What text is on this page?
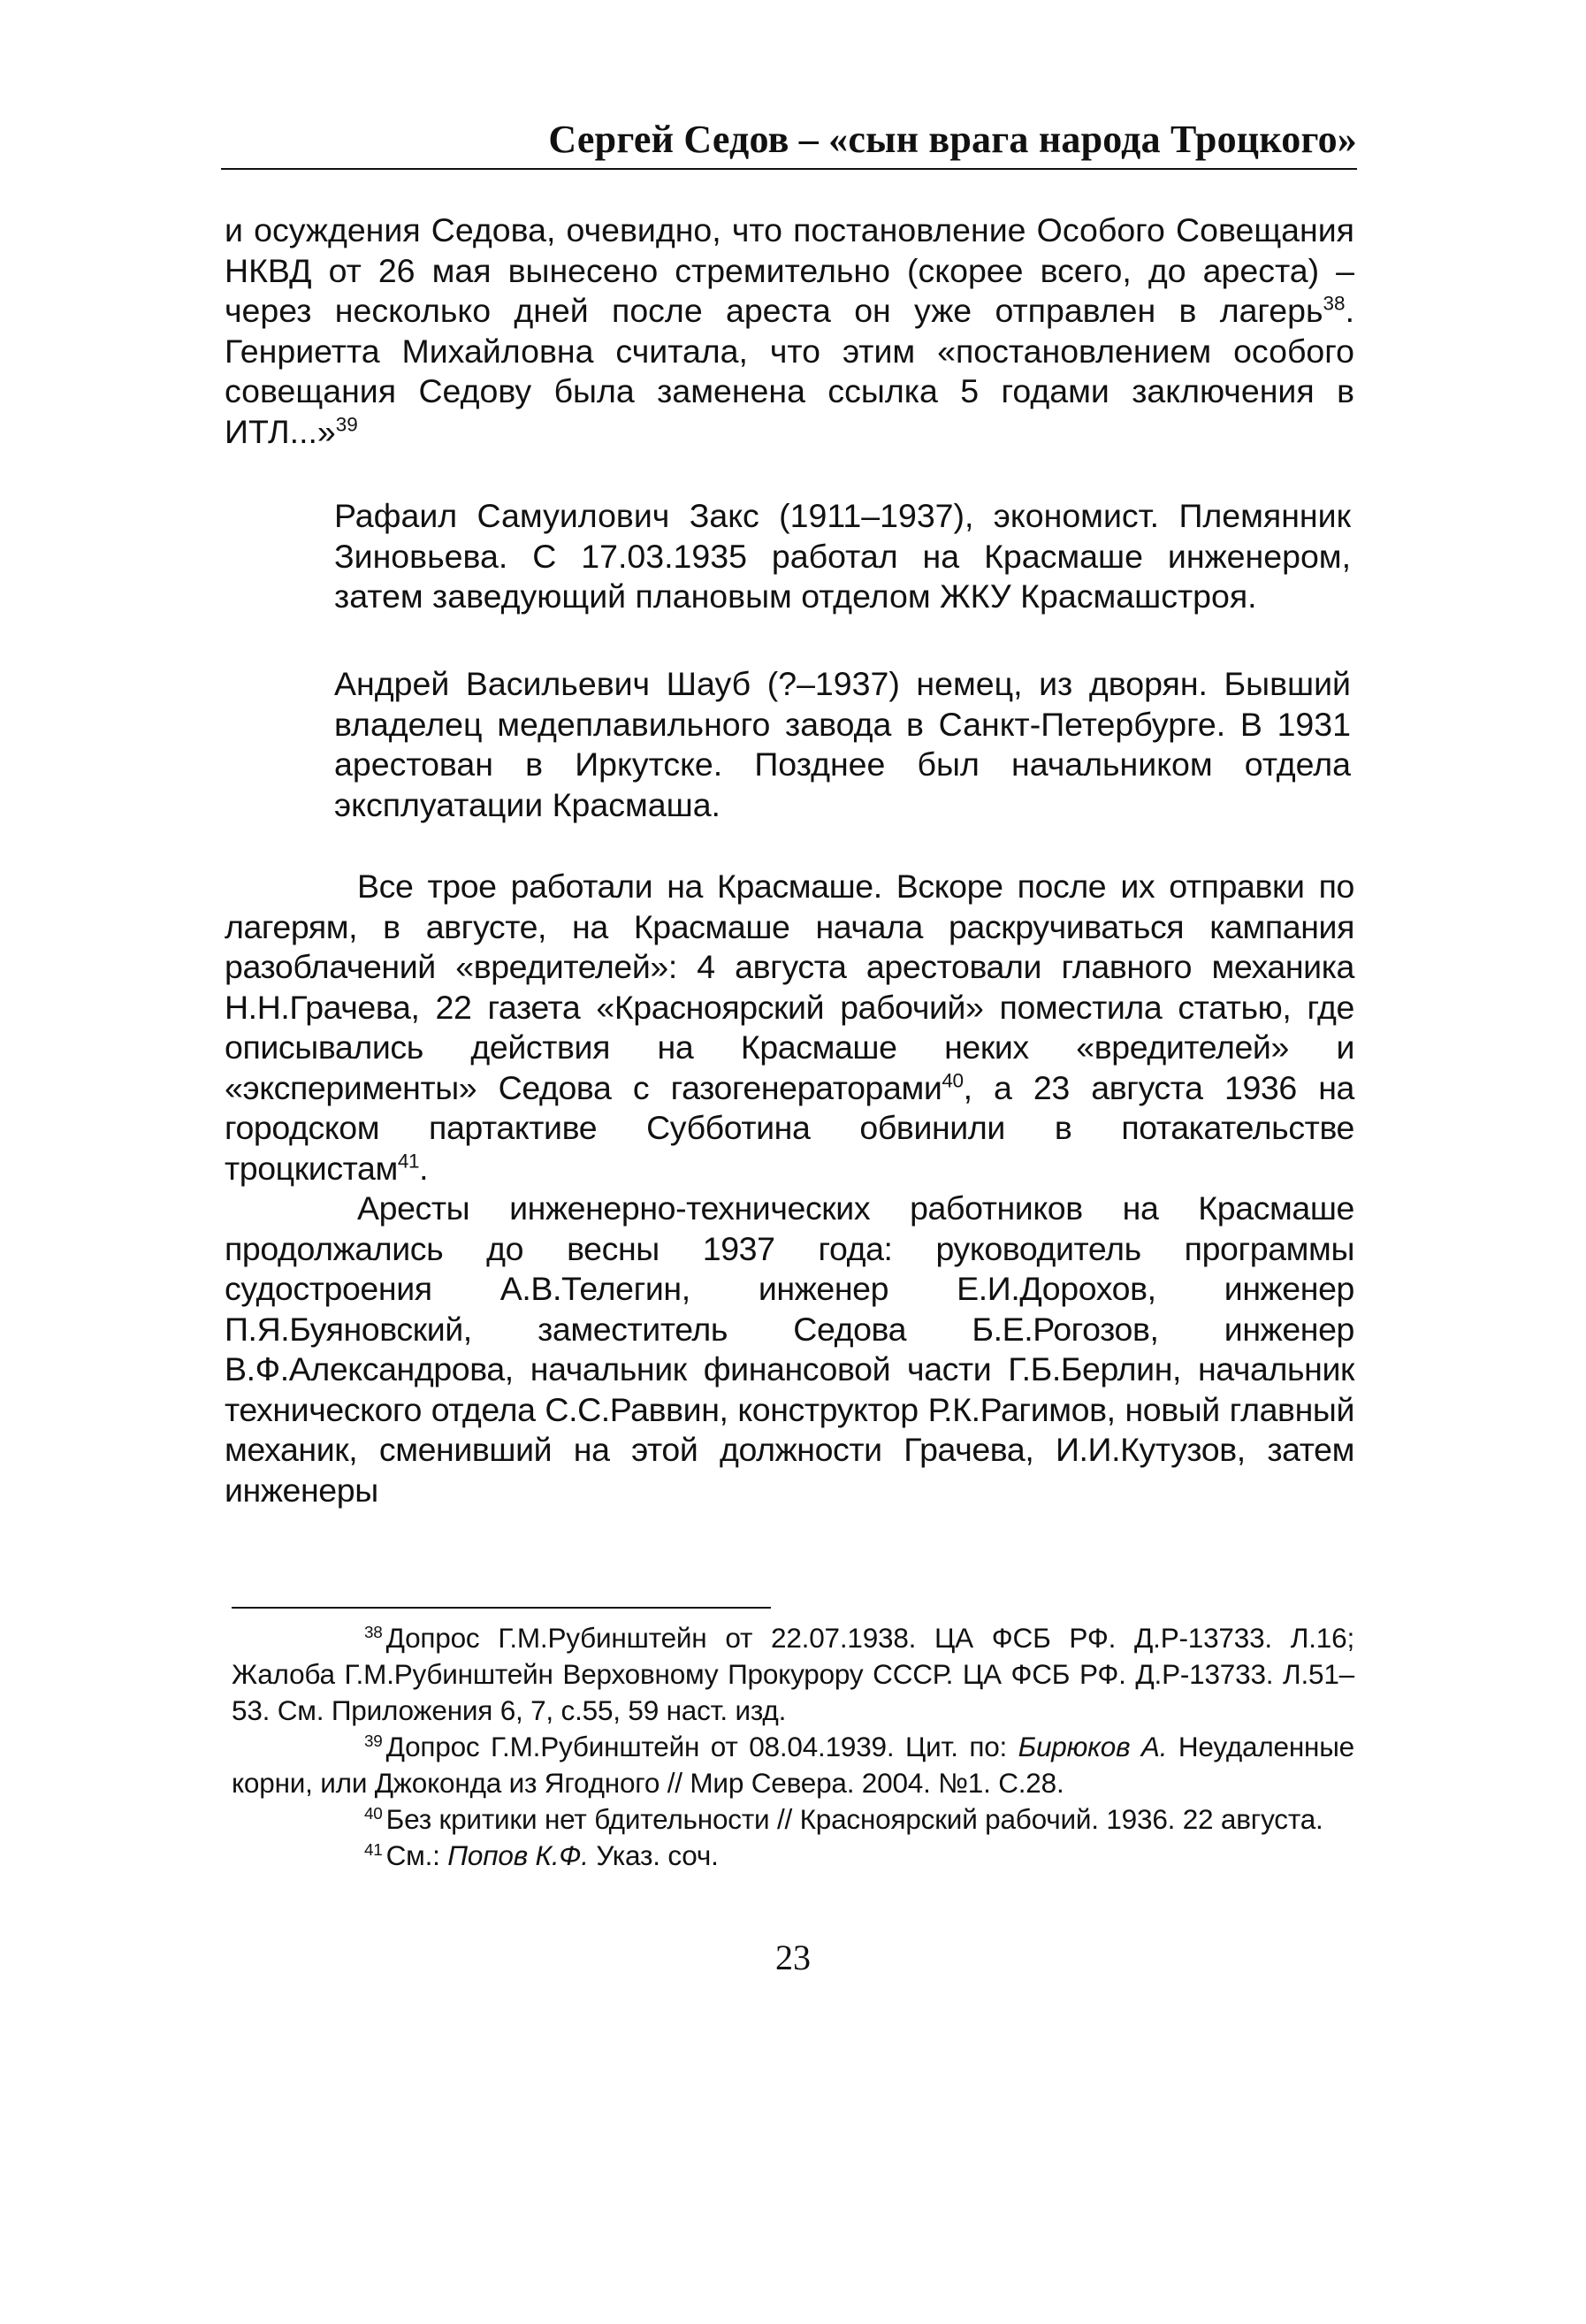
Сергей Седов – «сын врага народа Троцкого»

и осуждения Седова, очевидно, что постановление Особого Совещания НКВД от 26 мая вынесено стремительно (скорее всего, до ареста) – через несколько дней после ареста он уже отправлен в лагерь$^{38}$. Генриетта Михайловна считала, что этим «постановлением особого совещания Седову была заменена ссылка 5 годами заключения в ИТЛ...»$^{39}$

Рафаил Самуилович Закс (1911–1937), экономист. Племянник Зиновьева. С 17.03.1935 работал на Красмаше инженером, затем заведующий плановым отделом ЖКУ Красмашстроя.
Андрей Васильевич Шауб (?–1937) немец, из дворян. Бывший владелец медеплавильного завода в Санкт-Петербурге. В 1931 арестован в Иркутске. Позднее был начальником отдела эксплуатации Красмаша.

Все трое работали на Красмаше. Вскоре после их отправки по лагерям, в августе, на Красмаше начала раскручиваться кампания разоблачений «вредителей»: 4 августа арестовали главного механика Н.Н.Грачева, 22 газета «Красноярский рабочий» поместила статью, где описывались действия на Красмаше неких «вредителей» и «эксперименты» Седова с газогенераторами$^{40}$, а 23 августа 1936 на городском партактиве Субботина обвинили в потакательстве троцкистам$^{41}$.

Аресты инженерно-технических работников на Красмаше продолжались до весны 1937 года: руководитель программы судостроения А.В.Телегин, инженер Е.И.Дорохов, инженер П.Я.Буяновский, заместитель Седова Б.Е.Рогозов, инженер В.Ф.Александрова, начальник финансовой части Г.Б.Берлин, начальник технического отдела С.С.Раввин, конструктор Р.К.Рагимов, новый главный механик, сменивший на этой должности Грачева, И.И.Кутузов, затем инженеры

$^{38}$ Допрос Г.М.Рубинштейн от 22.07.1938. ЦА ФСБ РФ. Д.Р-13733. Л.16; Жалоба Г.М.Рубинштейн Верховному Прокурору СССР. ЦА ФСБ РФ. Д.Р-13733. Л.51–53. См. Приложения 6, 7, с.55, 59 наст. изд.

$^{39}$ Допрос Г.М.Рубинштейн от 08.04.1939. Цит. по: Бирюков А. Неудаленные корни, или Джоконда из Ягодного // Мир Севера. 2004. №1. С.28.

$^{40}$ Без критики нет бдительности // Красноярский рабочий. 1936. 22 августа.

$^{41}$ См.: Попов К.Ф. Указ. соч.

23
